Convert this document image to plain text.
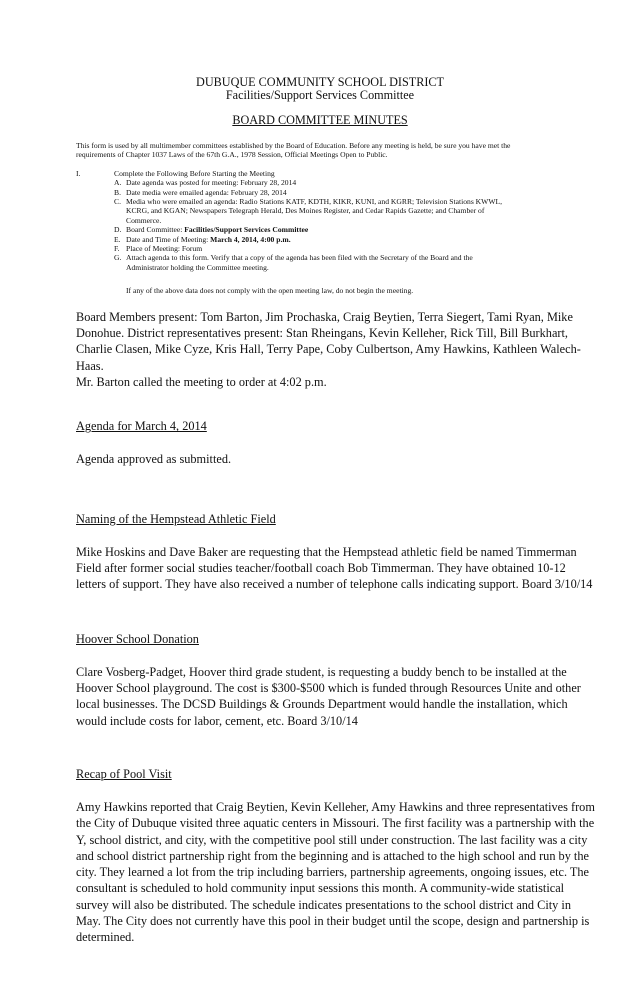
DUBUQUE COMMUNITY SCHOOL DISTRICT
Facilities/Support Services Committee
BOARD COMMITTEE MINUTES
This form is used by all multimember committees established by the Board of Education. Before any meeting is held, be sure you have met the
requirements of Chapter 1037 Laws of the 67th G.A., 1978 Session, Official Meetings Open to Public.
I.	Complete the Following Before Starting the Meeting
A. Date agenda was posted for meeting: February 28, 2014
B. Date media were emailed agenda: February 28, 2014
C. Media who were emailed an agenda: Radio Stations KATF, KDTH, KIKR, KUNI, and KGRR; Television Stations KWWL,
KCRG, and KGAN; Newspapers Telegraph Herald, Des Moines Register, and Cedar Rapids Gazette; and Chamber of
Commerce.
D. Board Committee: Facilities/Support Services Committee
E. Date and Time of Meeting: March 4, 2014, 4:00 p.m.
F. Place of Meeting: Forum
G. Attach agenda to this form. Verify that a copy of the agenda has been filed with the Secretary of the Board and the
Administrator holding the Committee meeting.
If any of the above data does not comply with the open meeting law, do not begin the meeting.
Board Members present: Tom Barton, Jim Prochaska, Craig Beytien, Terra Siegert, Tami Ryan, Mike
Donohue. District representatives present: Stan Rheingans, Kevin Kelleher, Rick Till, Bill Burkhart,
Charlie Clasen, Mike Cyze, Kris Hall, Terry Pape, Coby Culbertson, Amy Hawkins, Kathleen Walech-
Haas.
Mr. Barton called the meeting to order at 4:02 p.m.

Agenda for March 4, 2014

Agenda approved as submitted.

Naming of the Hempstead Athletic Field

Mike Hoskins and Dave Baker are requesting that the Hempstead athletic field be named Timmerman
Field after former social studies teacher/football coach Bob Timmerman. They have obtained 10-12
letters of support. They have also received a number of telephone calls indicating support. Board 3/10/14

Hoover School Donation

Clare Vosberg-Padget, Hoover third grade student, is requesting a buddy bench to be installed at the
Hoover School playground. The cost is $300-$500 which is funded through Resources Unite and other
local businesses. The DCSD Buildings & Grounds Department would handle the installation, which
would include costs for labor, cement, etc. Board 3/10/14

Recap of Pool Visit

Amy Hawkins reported that Craig Beytien, Kevin Kelleher, Amy Hawkins and three representatives from
the City of Dubuque visited three aquatic centers in Missouri. The first facility was a partnership with the
Y, school district, and city, with the competitive pool still under construction. The last facility was a city
and school district partnership right from the beginning and is attached to the high school and run by the
city. They learned a lot from the trip including barriers, partnership agreements, ongoing issues, etc. The
consultant is scheduled to hold community input sessions this month. A community-wide statistical
survey will also be distributed. The schedule indicates presentations to the school district and City in
May. The City does not currently have this pool in their budget until the scope, design and partnership is
determined.
